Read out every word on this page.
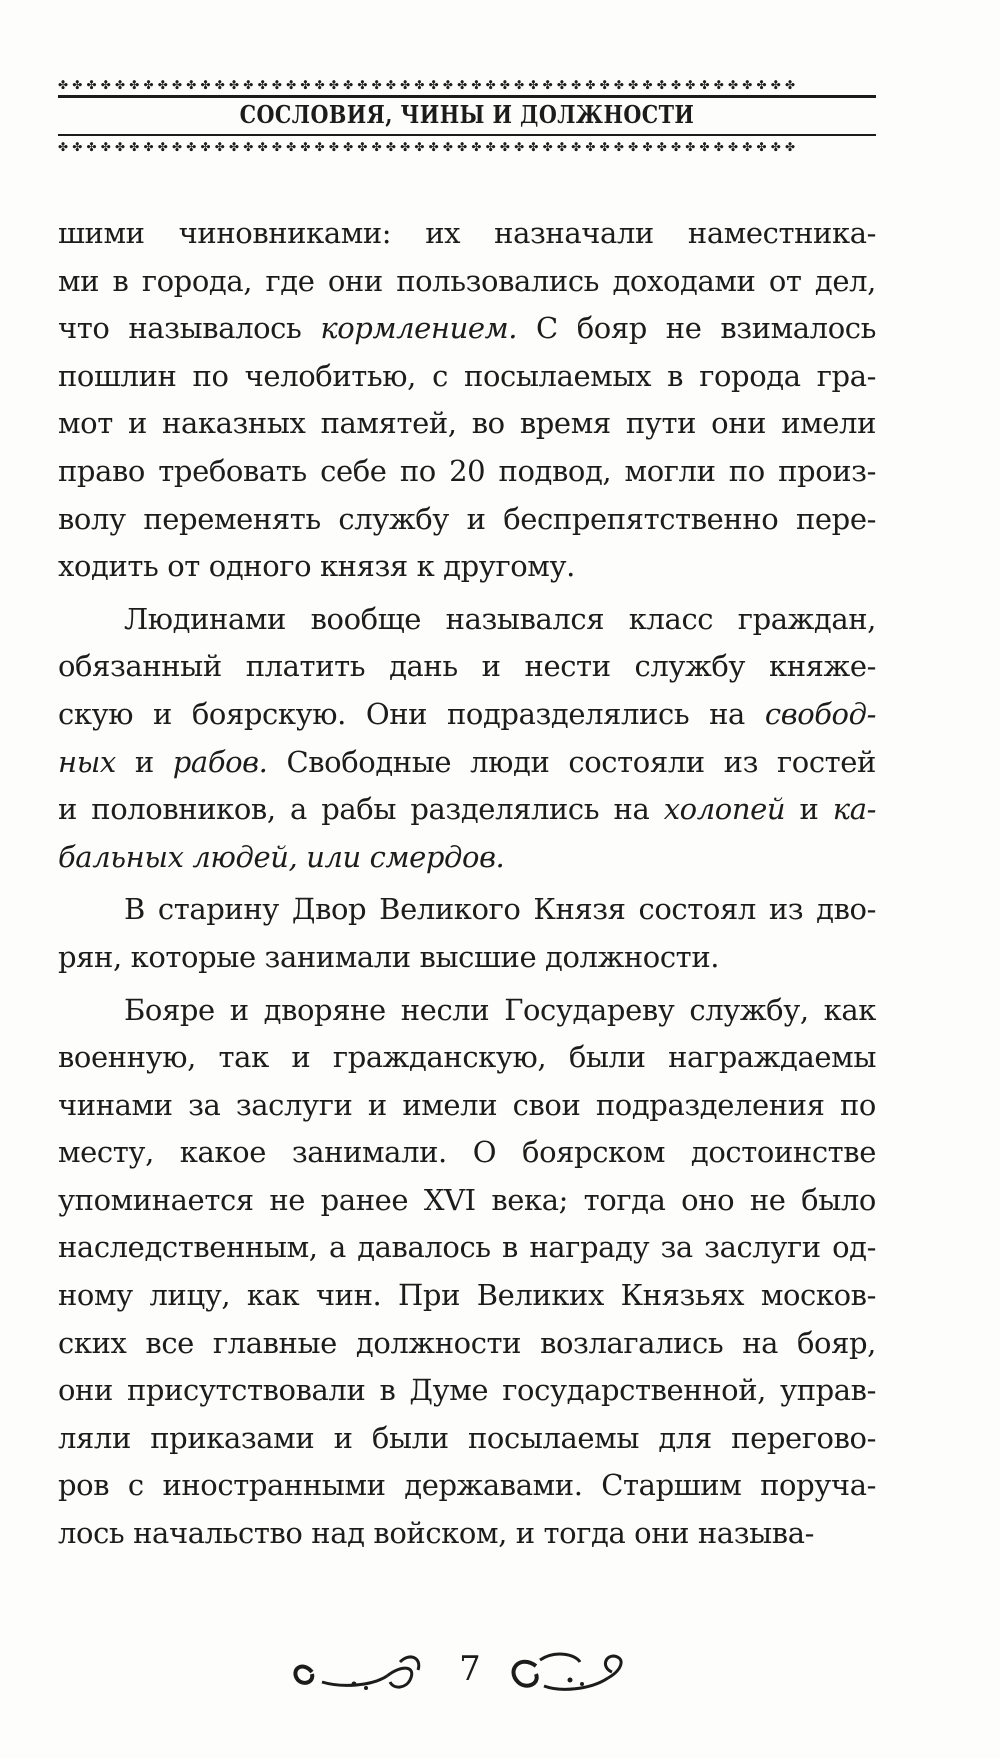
✤✤✤✤✤✤✤✤✤✤✤✤✤✤✤✤✤✤✤✤✤✤✤✤✤✤✤✤✤✤✤✤✤✤✤✤✤✤✤✤✤✤✤✤✤✤✤✤✤✤✤✤
СОСЛОВИЯ, ЧИНЫ И ДОЛЖНОСТИ
✤✤✤✤✤✤✤✤✤✤✤✤✤✤✤✤✤✤✤✤✤✤✤✤✤✤✤✤✤✤✤✤✤✤✤✤✤✤✤✤✤✤✤✤✤✤✤✤✤✤✤✤
шими чиновниками: их назначали наместника-
ми в города, где они пользовались доходами от дел,
что называлось кормлением. С бояр не взималось
пошлин по челобитью, с посылаемых в города гра-
мот и наказных памятей, во время пути они имели
право требовать себе по 20 подвод, могли по произ-
волу переменять службу и беспрепятственно пере-
ходить от одного князя к другому.
Людинами вообще назывался класс граждан,
обязанный платить дань и нести службу княже-
скую и боярскую. Они подразделялись на свобод-
ных и рабов. Свободные люди состояли из гостей
и половников, а рабы разделялись на холопей и ка-
бальных людей, или смердов.
В старину Двор Великого Князя состоял из дво-
рян, которые занимали высшие должности.
Бояре и дворяне несли Государеву службу, как
военную, так и гражданскую, были награждаемы
чинами за заслуги и имели свои подразделения по
месту, какое занимали. О боярском достоинстве
упоминается не ранее XVI века; тогда оно не было
наследственным, а давалось в награду за заслуги од-
ному лицу, как чин. При Великих Князьях москов-
ских все главные должности возлагались на бояр,
они присутствовали в Думе государственной, управ-
ляли приказами и были посылаемы для перегово-
ров с иностранными державами. Старшим поруча-
лось начальство над войском, и тогда они называ-
7
